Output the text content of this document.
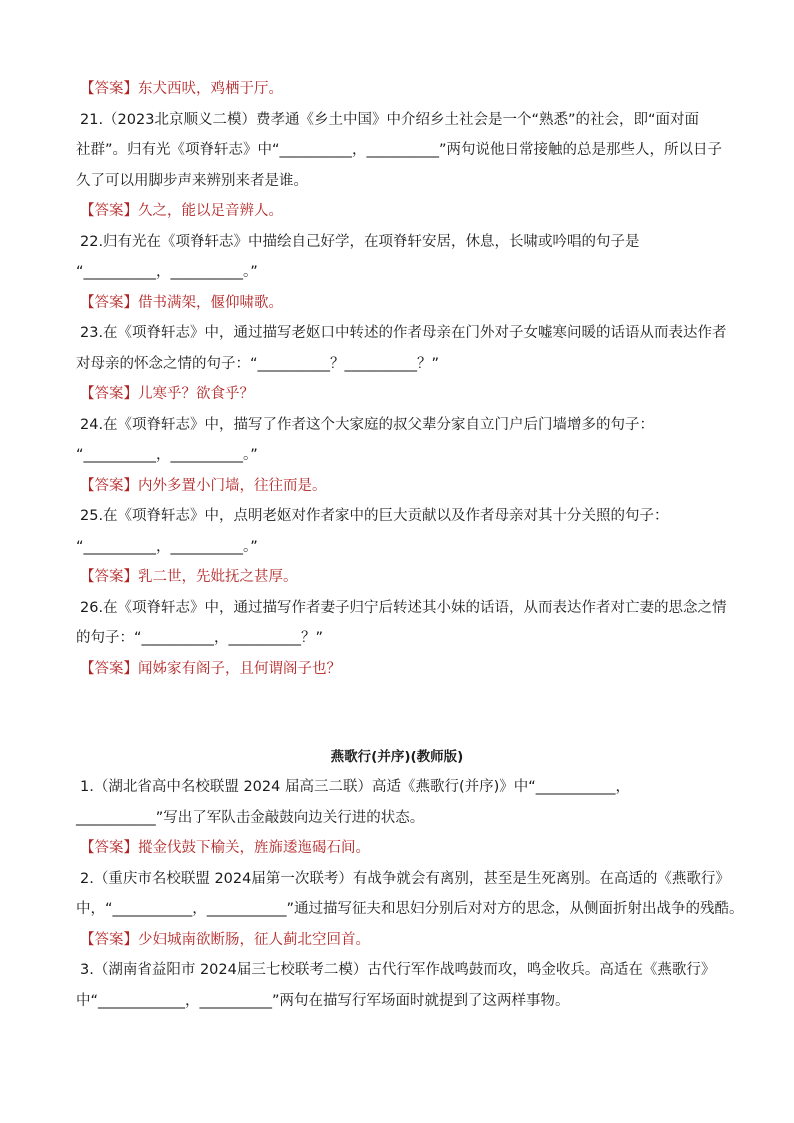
【答案】东犬西吠，鸡栖于厅。

21.（2023北京顺义二模）费孝通《乡土中国》中介绍乡土社会是一个“熟悉”的社会，即“面对面

社群”。归有光《项脊轩志》中“__________，__________”两句说他日常接触的总是那些人，所以日子

久了可以用脚步声来辨别来者是谁。

【答案】久之，能以足音辨人。

22.归有光在《项脊轩志》中描绘自己好学，在项脊轩安居，休息，长啸或吟唱的句子是

“__________，__________。”

【答案】借书满架，偃仰啸歌。

23.在《项脊轩志》中，通过描写老妪口中转述的作者母亲在门外对子女嘘寒问暖的话语从而表达作者

对母亲的怀念之情的句子：“__________？__________？”

【答案】儿寒乎？欲食乎？

24.在《项脊轩志》中，描写了作者这个大家庭的叔父辈分家自立门户后门墙增多的句子：

“__________，__________。”

【答案】内外多置小门墙，往往而是。

25.在《项脊轩志》中，点明老妪对作者家中的巨大贡献以及作者母亲对其十分关照的句子：

“__________，__________。”

【答案】乳二世，先妣抚之甚厚。

26.在《项脊轩志》中，通过描写作者妻子归宁后转述其小妹的话语，从而表达作者对亡妻的思念之情

的句子：“__________，__________？”

【答案】闻姊家有阁子，且何谓阁子也？

燕歌行(并序)(教师版)

1.（湖北省高中名校联盟 2024 届高三二联）高适《燕歌行(并序)》中“___________，

___________”写出了军队击金敲鼓向边关行进的状态。

【答案】摐金伐鼓下榆关，旌旆逶迤碣石间。

2.（重庆市名校联盟 2024届第一次联考）有战争就会有离别，甚至是生死离别。在高适的《燕歌行》

中，“___________，___________”通过描写征夫和思妇分别后对对方的思念，从侧面折射出战争的残酷。

【答案】少妇城南欲断肠，征人蓟北空回首。

3.（湖南省益阳市 2024届三七校联考二模）古代行军作战鸣鼓而攻，鸣金收兵。高适在《燕歌行》

中“____________，__________”两句在描写行军场面时就提到了这两样事物。
